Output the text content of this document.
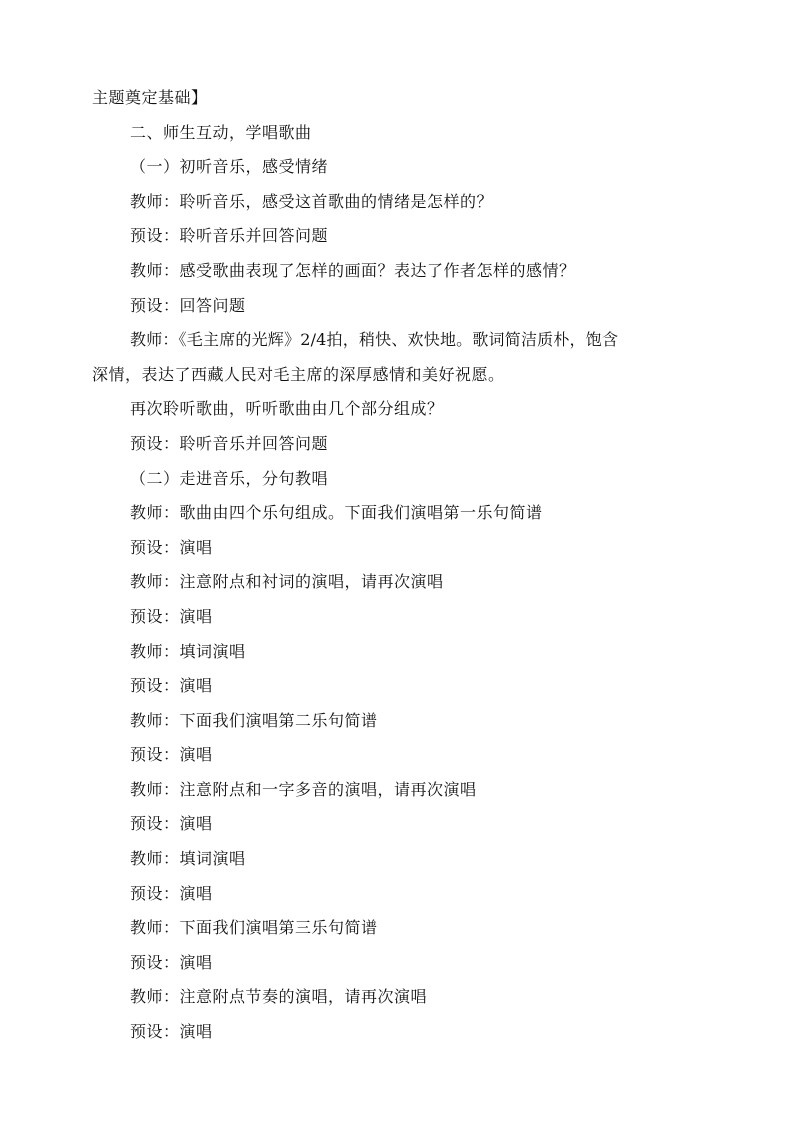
主题奠定基础】
二、师生互动，学唱歌曲
（一）初听音乐，感受情绪
教师：聆听音乐，感受这首歌曲的情绪是怎样的？
预设：聆听音乐并回答问题
教师：感受歌曲表现了怎样的画面？表达了作者怎样的感情？
预设：回答问题
教师：《毛主席的光辉》2/4拍，稍快、欢快地。歌词简洁质朴，饱含
深情，表达了西藏人民对毛主席的深厚感情和美好祝愿。
再次聆听歌曲，听听歌曲由几个部分组成？
预设：聆听音乐并回答问题
（二）走进音乐，分句教唱
教师：歌曲由四个乐句组成。下面我们演唱第一乐句简谱
预设：演唱
教师：注意附点和衬词的演唱，请再次演唱
预设：演唱
教师：填词演唱
预设：演唱
教师：下面我们演唱第二乐句简谱
预设：演唱
教师：注意附点和一字多音的演唱，请再次演唱
预设：演唱
教师：填词演唱
预设：演唱
教师：下面我们演唱第三乐句简谱
预设：演唱
教师：注意附点节奏的演唱，请再次演唱
预设：演唱
